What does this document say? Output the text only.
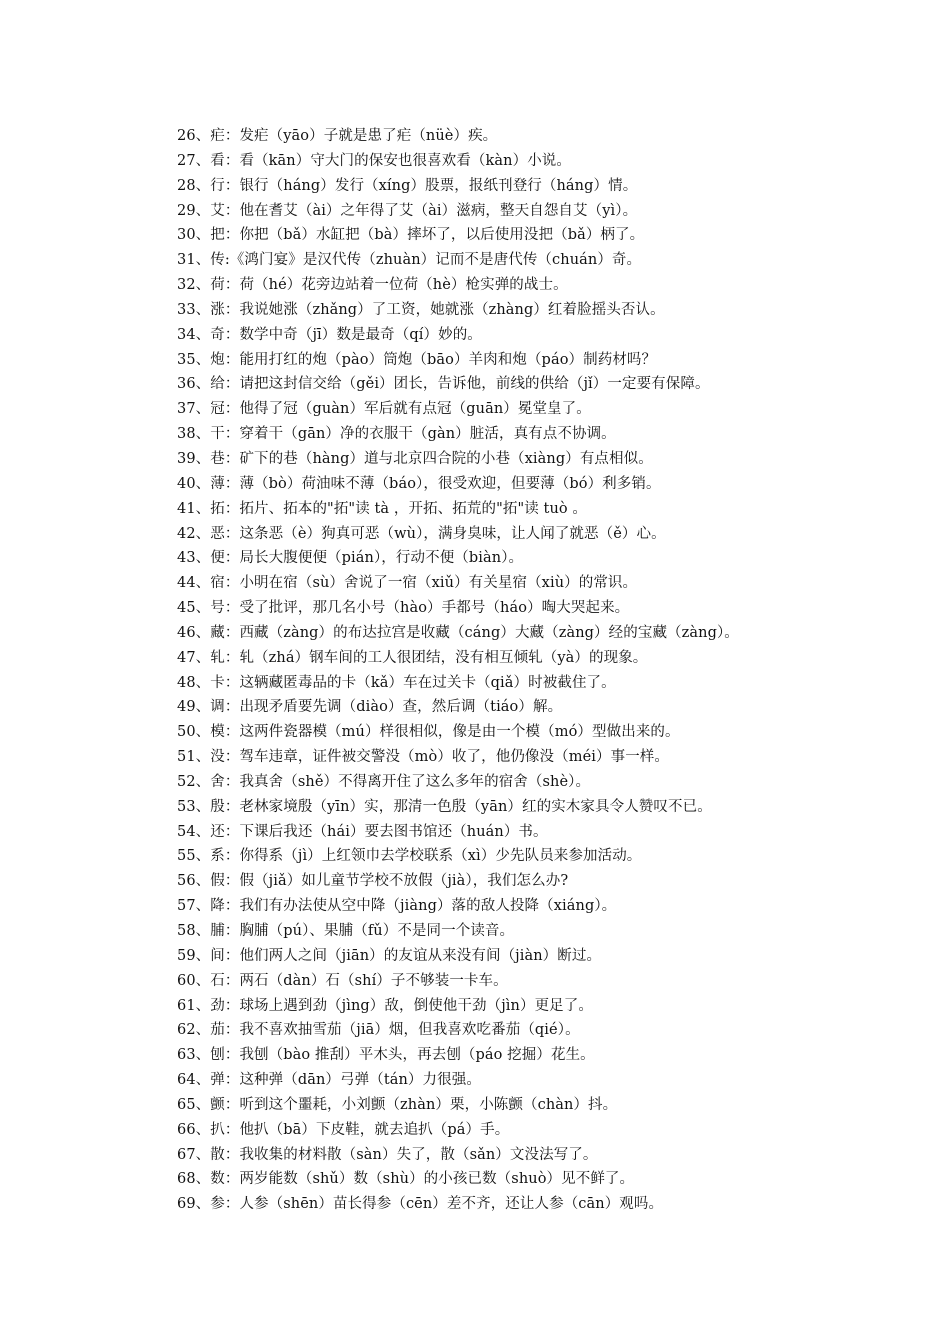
26、疟：发疟（yāo）子就是患了疟（nüè）疾。
27、看：看（kān）守大门的保安也很喜欢看（kàn）小说。
28、行：银行（háng）发行（xíng）股票，报纸刊登行（háng）情。
29、艾：他在耆艾（ài）之年得了艾（ài）滋病，整天自怨自艾（yì）。
30、把：你把（bǎ）水缸把（bà）摔坏了，以后使用没把（bǎ）柄了。
31、传:《鸿门宴》是汉代传（zhuàn）记而不是唐代传（chuán）奇。
32、荷：荷（hé）花旁边站着一位荷（hè）枪实弹的战士。
33、涨：我说她涨（zhǎng）了工资，她就涨（zhàng）红着脸摇头否认。
34、奇：数学中奇（jī）数是最奇（qí）妙的。
35、炮：能用打红的炮（pào）筒炮（bāo）羊肉和炮（páo）制药材吗？
36、给：请把这封信交给（gěi）团长，告诉他，前线的供给（jǐ）一定要有保障。
37、冠：他得了冠（guàn）军后就有点冠（guān）冕堂皇了。
38、干：穿着干（gān）净的衣服干（gàn）脏活，真有点不协调。
39、巷：矿下的巷（hàng）道与北京四合院的小巷（xiàng）有点相似。
40、薄：薄（bò）荷油味不薄（báo），很受欢迎，但要薄（bó）利多销。
41、拓：拓片、拓本的"拓"读 tà ，开拓、拓荒的"拓"读 tuò 。
42、恶：这条恶（è）狗真可恶（wù），满身臭味，让人闻了就恶（ě）心。
43、便：局长大腹便便（pián），行动不便（biàn）。
44、宿：小明在宿（sù）舍说了一宿（xiǔ）有关星宿（xiù）的常识。
45、号：受了批评，那几名小号（hào）手都号（háo）啕大哭起来。
46、藏：西藏（zàng）的布达拉宫是收藏（cáng）大藏（zàng）经的宝藏（zàng）。
47、轧：轧（zhá）钢车间的工人很团结，没有相互倾轧（yà）的现象。
48、卡：这辆藏匿毒品的卡（kǎ）车在过关卡（qiǎ）时被截住了。
49、调：出现矛盾要先调（diào）查，然后调（tiáo）解。
50、模：这两件瓷器模（mú）样很相似，像是由一个模（mó）型做出来的。
51、没：驾车违章，证件被交警没（mò）收了，他仍像没（méi）事一样。
52、舍：我真舍（shě）不得离开住了这么多年的宿舍（shè）。
53、殷：老林家境殷（yīn）实，那清一色殷（yān）红的实木家具令人赞叹不已。
54、还：下课后我还（hái）要去图书馆还（huán）书。
55、系：你得系（jì）上红领巾去学校联系（xì）少先队员来参加活动。
56、假：假（jiǎ）如儿童节学校不放假（jià），我们怎么办?
57、降：我们有办法使从空中降（jiàng）落的敌人投降（xiáng）。
58、脯：胸脯（pú）、果脯（fǔ）不是同一个读音。
59、间：他们两人之间（jiān）的友谊从来没有间（jiàn）断过。
60、石：两石（dàn）石（shí）子不够装一卡车。
61、劲：球场上遇到劲（jìng）敌，倒使他干劲（jìn）更足了。
62、茄：我不喜欢抽雪茄（jiā）烟，但我喜欢吃番茄（qié）。
63、刨：我刨（bào 推刮）平木头，再去刨（páo 挖掘）花生。
64、弹：这种弹（dān）弓弹（tán）力很强。
65、颤：听到这个噩耗，小刘颤（zhàn）栗，小陈颤（chàn）抖。
66、扒：他扒（bā）下皮鞋，就去追扒（pá）手。
67、散：我收集的材料散（sàn）失了，散（sǎn）文没法写了。
68、数：两岁能数（shǔ）数（shù）的小孩已数（shuò）见不鲜了。
69、参：人参（shēn）苗长得参（cēn）差不齐，还让人参（cān）观吗。
